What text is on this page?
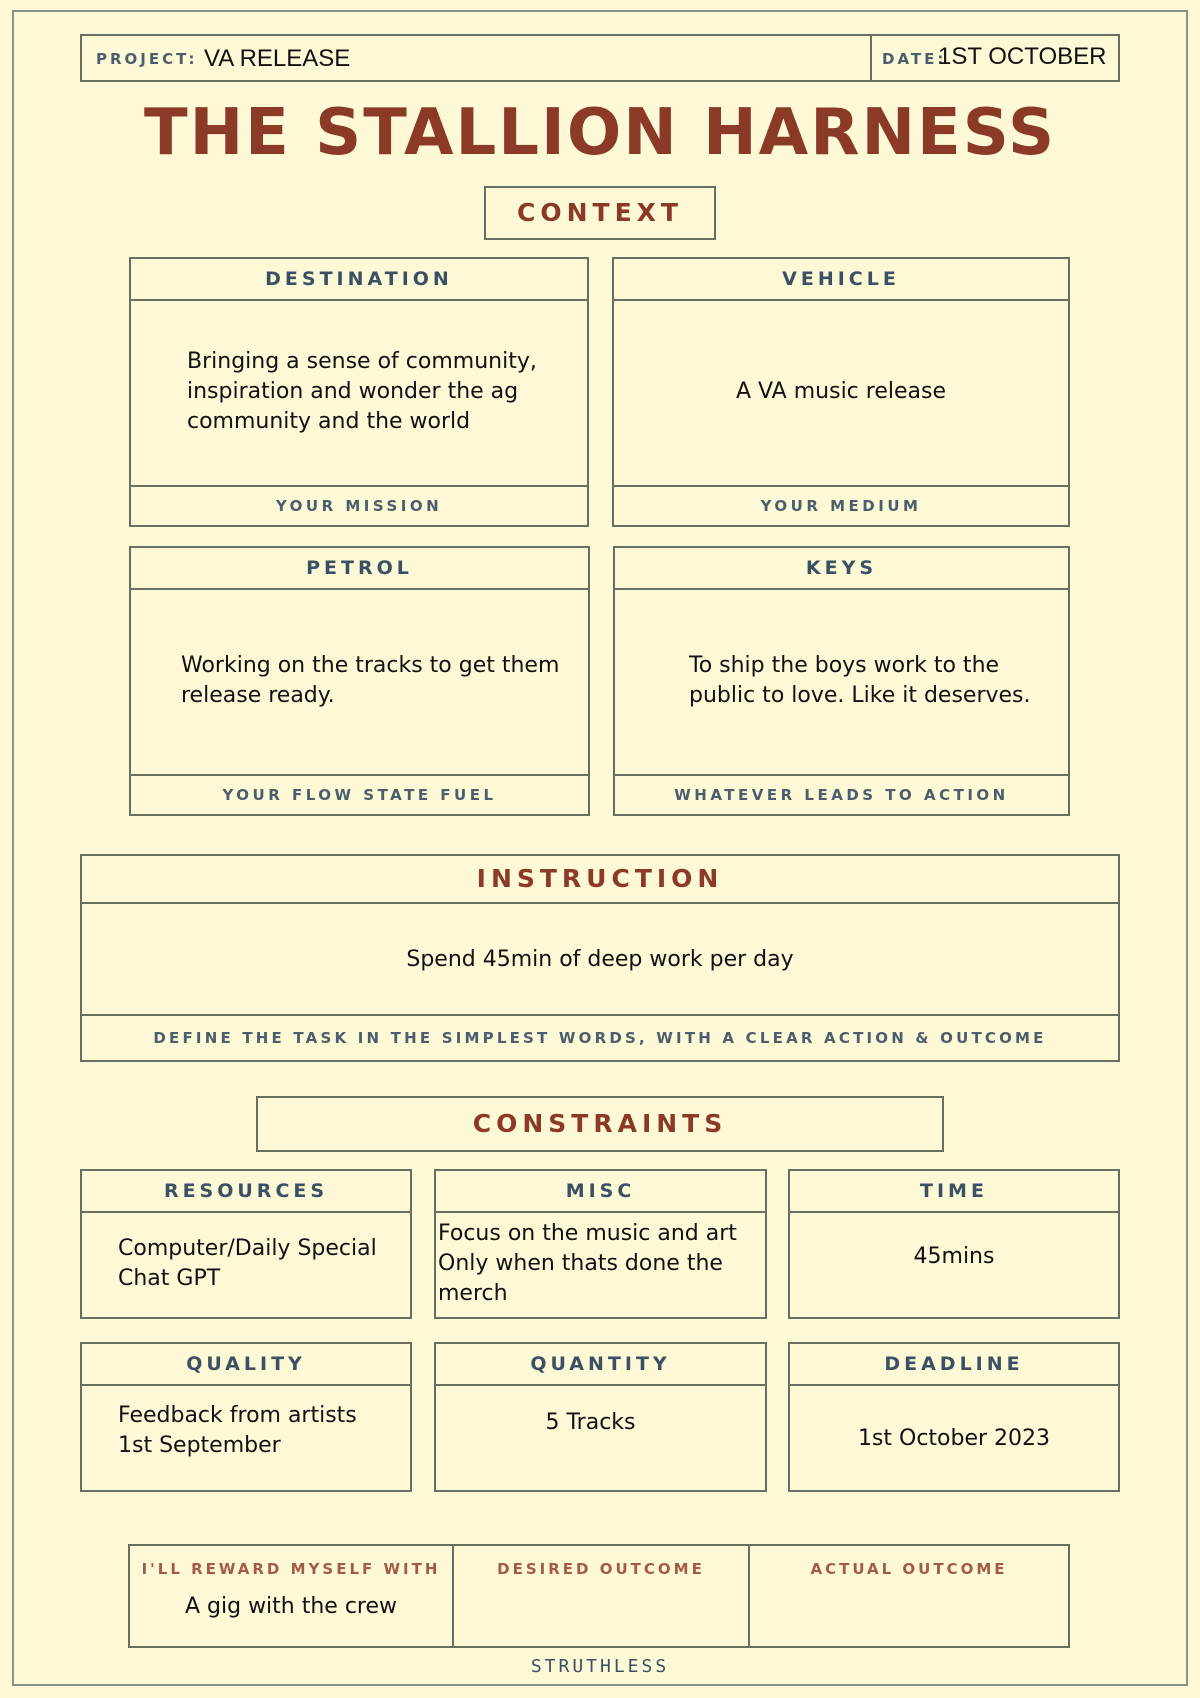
PROJECT: VA RELEASE	DATE:
1ST OCTOBER
THE STALLION HARNESS
CONTEXT
DESTINATION
Bringing a sense of community, inspiration and wonder the ag community and the world
YOUR MISSION
VEHICLE
A VA music release
YOUR MEDIUM
PETROL
Working on the tracks to get them release ready.
YOUR FLOW STATE FUEL
KEYS
To ship the boys work to the public to love. Like it deserves.
WHATEVER LEADS TO ACTION
INSTRUCTION
Spend 45min of deep work per day
DEFINE THE TASK IN THE SIMPLEST WORDS, WITH A CLEAR ACTION & OUTCOME
CONSTRAINTS
RESOURCES
Computer/Daily Special Chat GPT
MISC
Focus on the music and art Only when thats done the merch
TIME
45mins
QUALITY
Feedback from artists 1st September
QUANTITY
5 Tracks
DEADLINE
1st October 2023
I'LL REWARD MYSELF WITH
A gig with the crew
DESIRED OUTCOME	ACTUAL OUTCOME
STRUTHLESS
